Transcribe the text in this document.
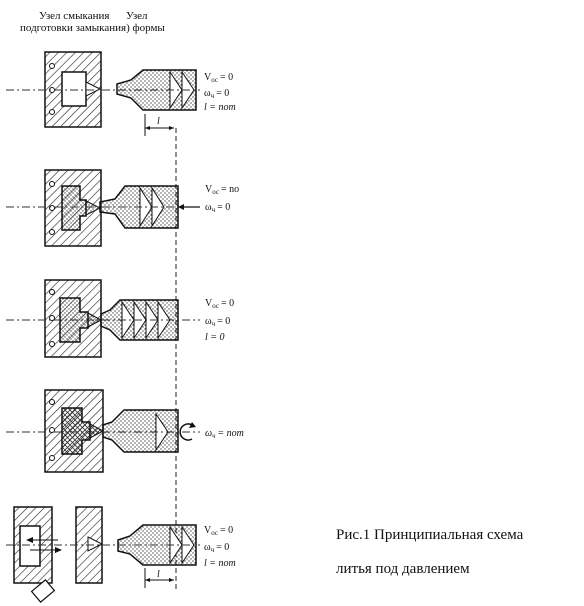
Узел смыкания Узел
подготовки замыкания) формы
l
$V_{ос} = 0$
$\omega_ч = 0$
l = nom
$V_{ос}$ = no
$\omega_ч = 0$
$V_{ос} = 0$
$\omega_ч = 0$
l = 0
$\omega_ч$ = nom
l
$V_{ос} = 0$
$\omega_ч = 0$
l = nom
Рис.1 Принципиальная схема
литья под давлением
